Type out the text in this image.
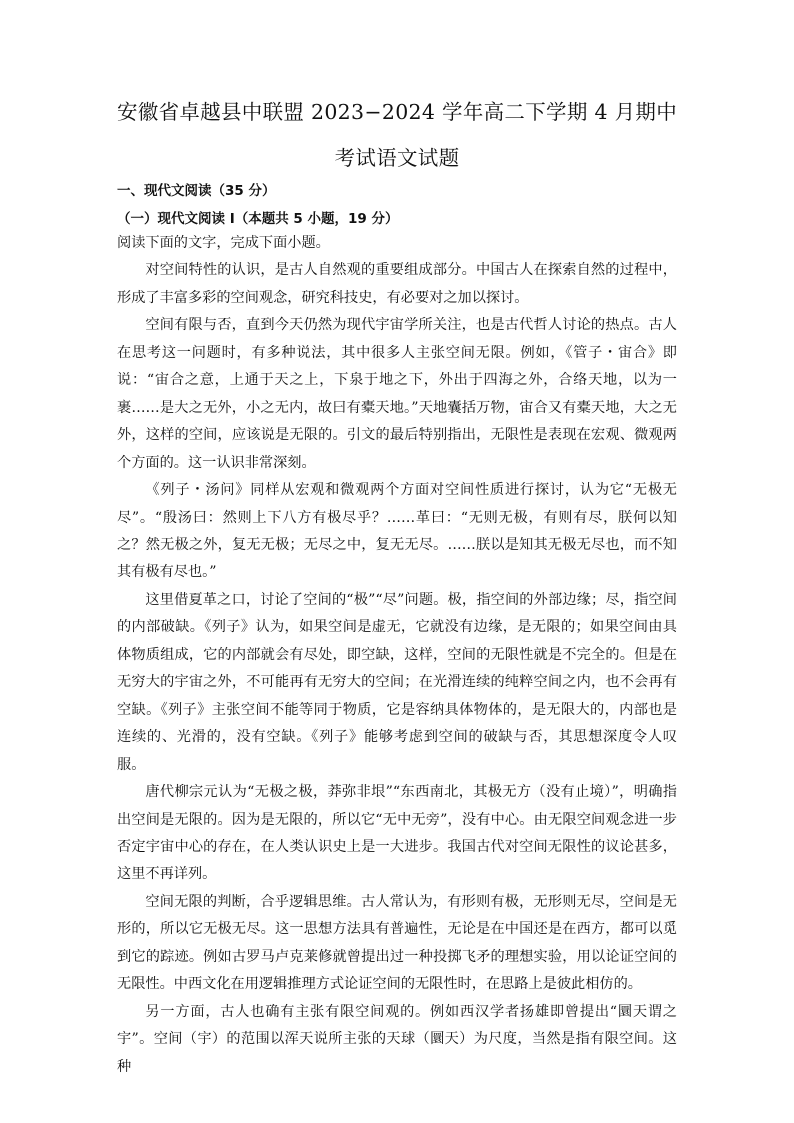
安徽省卓越县中联盟 2023−2024 学年高二下学期 4 月期中
考试语文试题
一、现代文阅读（35 分）
（一）现代文阅读 I（本题共 5 小题，19 分）

阅读下面的文字，完成下面小题。

对空间特性的认识，是古人自然观的重要组成部分。中国古人在探索自然的过程中，形成了丰富多彩的空间观念，研究科技史，有必要对之加以探讨。

空间有限与否，直到今天仍然为现代宇宙学所关注，也是古代哲人讨论的热点。古人在思考这一问题时，有多种说法，其中很多人主张空间无限。例如，《管子・宙合》即说：“宙合之意，上通于天之上，下泉于地之下，外出于四海之外，合络天地，以为一裹……是大之无外，小之无内，故曰有橐天地。”天地囊括万物，宙合又有橐天地，大之无外，这样的空间，应该说是无限的。引文的最后特别指出，无限性是表现在宏观、微观两个方面的。这一认识非常深刻。

《列子・汤问》同样从宏观和微观两个方面对空间性质进行探讨，认为它“无极无尽”。“殷汤曰：然则上下八方有极尽乎？……革曰：“无则无极，有则有尽，朕何以知之？然无极之外，复无无极；无尽之中，复无无尽。……朕以是知其无极无尽也，而不知其有极有尽也。”

这里借夏革之口，讨论了空间的“极”“尽”问题。极，指空间的外部边缘；尽，指空间的内部破缺。《列子》认为，如果空间是虚无，它就没有边缘，是无限的；如果空间由具体物质组成，它的内部就会有尽处，即空缺，这样，空间的无限性就是不完全的。但是在无穷大的宇宙之外，不可能再有无穷大的空间；在光滑连续的纯粹空间之内，也不会再有空缺。《列子》主张空间不能等同于物质，它是容纳具体物体的，是无限大的，内部也是连续的、光滑的，没有空缺。《列子》能够考虑到空间的破缺与否，其思想深度令人叹服。

唐代柳宗元认为“无极之极，莽弥非垠”“东西南北，其极无方（没有止境）”，明确指出空间是无限的。因为是无限的，所以它“无中无旁”，没有中心。由无限空间观念进一步否定宇宙中心的存在，在人类认识史上是一大进步。我国古代对空间无限性的议论甚多，这里不再详列。

空间无限的判断，合乎逻辑思维。古人常认为，有形则有极，无形则无尽，空间是无形的，所以它无极无尽。这一思想方法具有普遍性，无论是在中国还是在西方，都可以觅到它的踪迹。例如古罗马卢克莱修就曾提出过一种投掷飞矛的理想实验，用以论证空间的无限性。中西文化在用逻辑推理方式论证空间的无限性时，在思路上是彼此相仿的。

另一方面，古人也确有主张有限空间观的。例如西汉学者扬雄即曾提出“圜天谓之宇”。空间（宇）的范围以浑天说所主张的天球（圜天）为尺度，当然是指有限空间。这种
